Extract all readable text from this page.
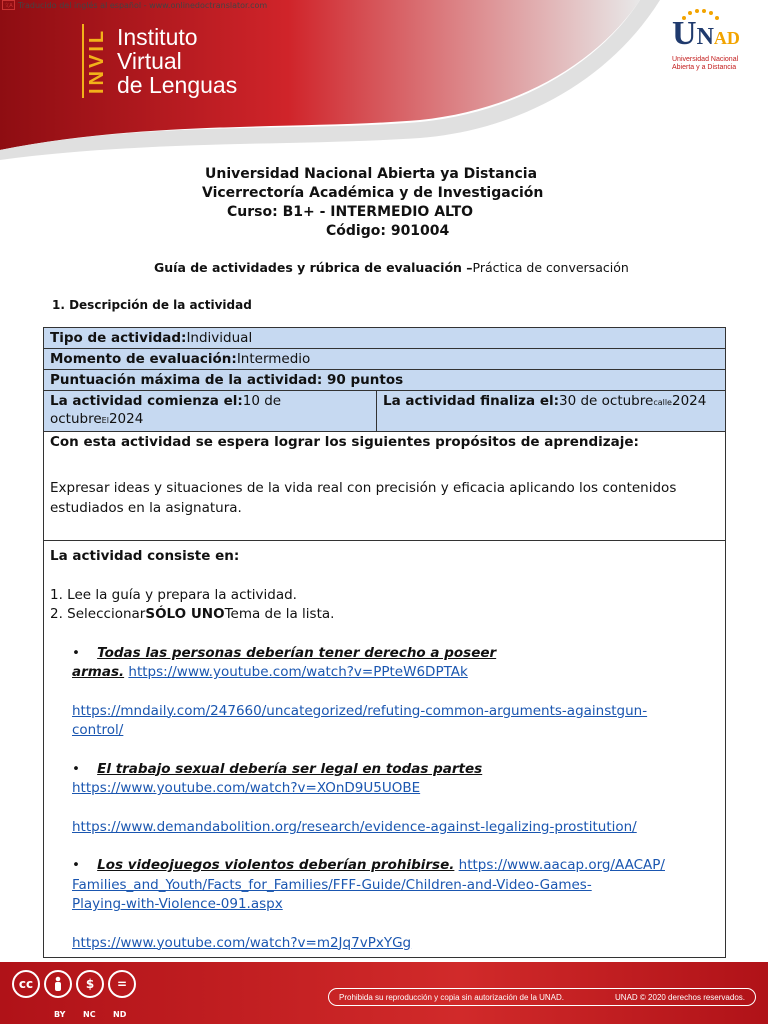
INVIL Instituto
Virtual
de Lenguas
UNAD
Universidad Nacional
Abierta y a Distancia
文A Traducido del inglés al español - www.onlinedoctranslator.com
Universidad Nacional Abierta ya Distancia
Vicerrectoría Académica y de Investigación
Curso: B1+ - INTERMEDIO ALTO
Código: 901004
Guía de actividades y rúbrica de evaluación –Práctica de conversación
1. Descripción de la actividad
Tipo de actividad:Individual
Momento de evaluación:Intermedio
Puntuación máxima de la actividad: 90 puntos
La actividad comienza el:10 de octubreEl2024	La actividad finaliza el:30 de octubrecalle2024
Con esta actividad se espera lograr los siguientes propósitos de aprendizaje:
Expresar ideas y situaciones de la vida real con precisión y eficacia aplicando los contenidos estudiados en la asignatura.

La actividad consiste en:
1. Lee la guía y prepara la actividad.
2. SeleccionarSÓLO UNOTema de la lista.
• Todas las personas deberían tener derecho a poseer
armas. https://www.youtube.com/watch?v=PPteW6DPTAk
https://mndaily.com/247660/uncategorized/refuting-common-arguments-againstgun-
control/
• El trabajo sexual debería ser legal en todas partes
https://www.youtube.com/watch?v=XOnD9U5UOBE
https://www.demandabolition.org/research/evidence-against-legalizing-prostitution/
• Los videojuegos violentos deberían prohibirse. https://www.aacap.org/AACAP/
Families_and_Youth/Facts_for_Families/FFF-Guide/Children-and-Video-Games-
Playing-with-Violence-091.aspx
https://www.youtube.com/watch?v=m2Jq7vPxYGg
cc	$	=
BY NC ND
Prohibida su reproducción y copia sin autorización de la UNAD.	UNAD © 2020 derechos reservados.
